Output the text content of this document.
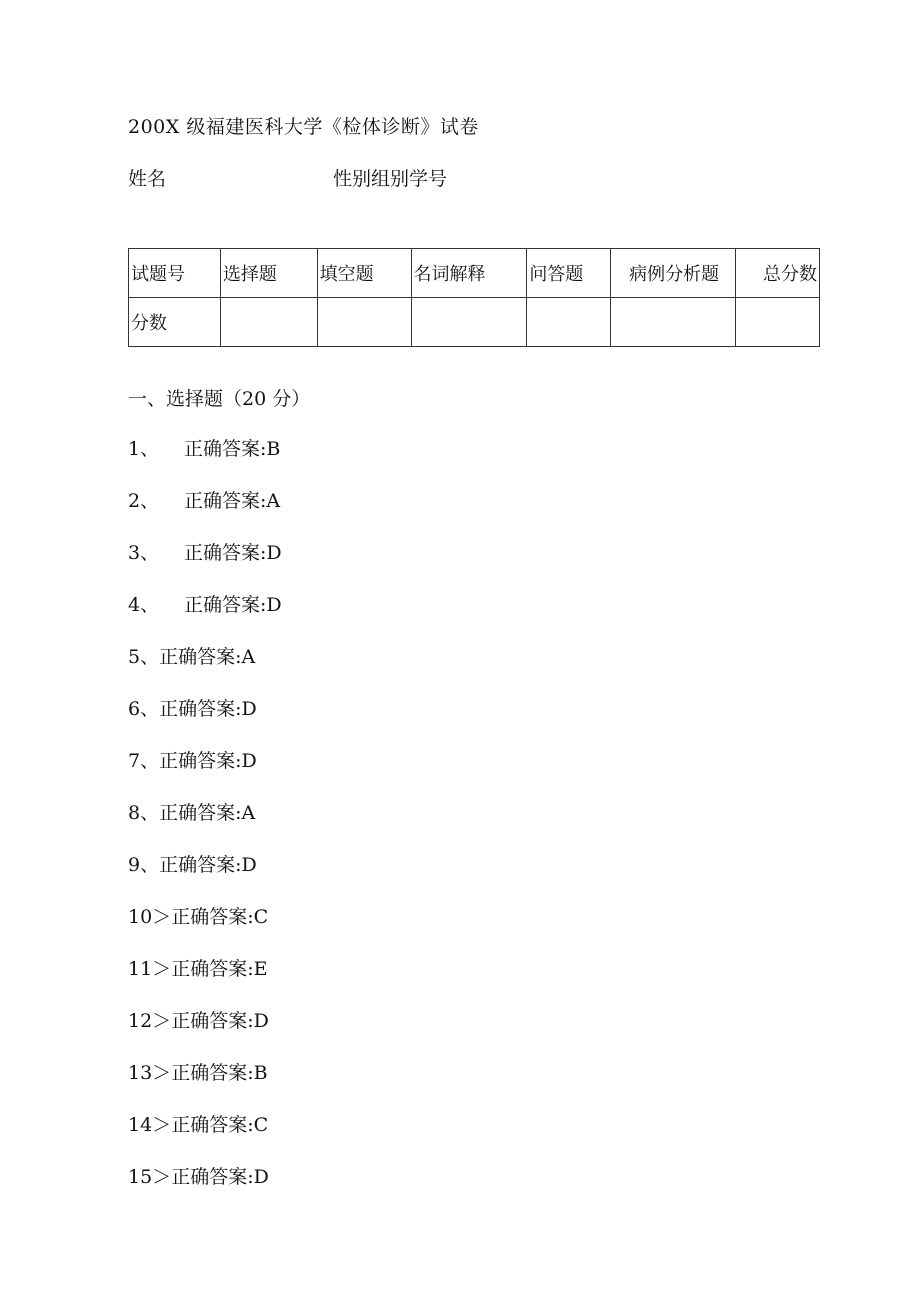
200X 级福建医科大学《检体诊断》试卷
姓名	性别组别学号
试题号	选择题	填空题	名词解释	问答题	病例分析题	总分数
分数						
一、选择题（20 分）
1、 正确答案:B
2、 正确答案:A
3、 正确答案:D
4、 正确答案:D
5、正确答案:A
6、正确答案:D
7、正确答案:D
8、正确答案:A
9、正确答案:D
10＞正确答案:C
11＞正确答案:E
12＞正确答案:D
13＞正确答案:B
14＞正确答案:C
15＞正确答案:D
